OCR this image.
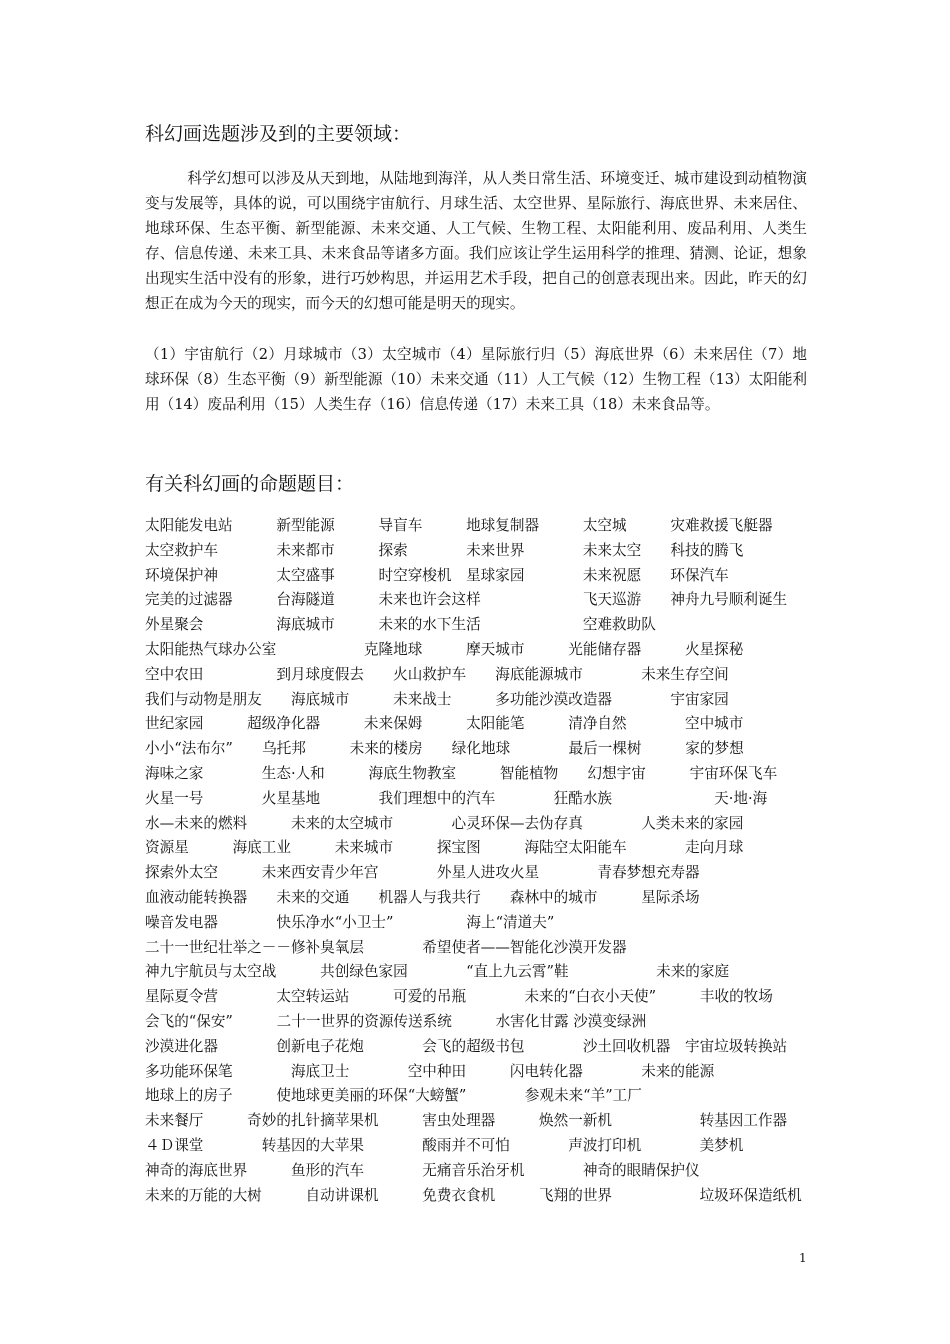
科幻画选题涉及到的主要领域：
科学幻想可以涉及从天到地，从陆地到海洋，从人类日常生活、环境变迁、城市建设到动植物演变与发展等，具体的说，可以围绕宇宙航行、月球生活、太空世界、星际旅行、海底世界、未来居住、地球环保、生态平衡、新型能源、未来交通、人工气候、生物工程、太阳能利用、废品利用、人类生存、信息传递、未来工具、未来食品等诸多方面。我们应该让学生运用科学的推理、猜测、论证，想象出现实生活中没有的形象，进行巧妙构思，并运用艺术手段，把自己的创意表现出来。因此，昨天的幻想正在成为今天的现实，而今天的幻想可能是明天的现实。
（1）宇宙航行（2）月球城市（3）太空城市（4）星际旅行归（5）海底世界（6）未来居住（7）地球环保（8）生态平衡（9）新型能源（10）未来交通（11）人工气候（12）生物工程（13）太阳能利用（14）废品利用（15）人类生存（16）信息传递（17）未来工具（18）未来食品等。
有关科幻画的命题题目：
太阳能发电站　　　新型能源　　　导盲车　　　地球复制器　　　太空城　　　灾难救援飞艇器
太空救护车　　　　未来都市　　　探索　　　　未来世界　　　　未来太空　　科技的腾飞
环境保护神　　　　太空盛事　　　时空穿梭机　星球家园　　　　未来祝愿　　环保汽车
完美的过滤器　　　台海隧道　　　未来也许会这样　　　　　　　飞天巡游　　神舟九号顺利诞生
外星聚会　　　　　海底城市　　　未来的水下生活　　　　　　　空难救助队
太阳能热气球办公室　　　　　　克隆地球　　　摩天城市　　　光能储存器　　　火星探秘
空中农田　　　　　到月球度假去　　火山救护车　　海底能源城市　　　　未来生存空间
我们与动物是朋友　　海底城市　　　未来战士　　　多功能沙漠改造器　　　　宇宙家园
世纪家园　　　超级净化器　　　未来保姆　　　太阳能笔　　　清净自然　　　　空中城市
小小“法布尔”　　乌托邦　　　未来的楼房　　绿化地球　　　　最后一棵树　　　家的梦想
海味之家　　　　生态·人和　　　海底生物教室　　　智能植物　　幻想宇宙　　　宇宙环保飞车
火星一号　　　　火星基地　　　　我们理想中的汽车　　　　狂酷水族　　　　　　　天·地·海
水—未来的燃料　　　未来的太空城市　　　　心灵环保—去伪存真　　　　人类未来的家园
资源星　　　海底工业　　　未来城市　　　探宝图　　　海陆空太阳能车　　　　走向月球
探索外太空　　　未来西安青少年宫　　　　外星人进攻火星　　　　青春梦想充寿器
血液动能转换器　　未来的交通　　机器人与我共行　　森林中的城市　　　星际杀场
噪音发电器　　　　快乐净水“小卫士”　　　　　海上“清道夫”
二十一世纪壮举之－－修补臭氧层　　　　希望使者——智能化沙漠开发器
神九宇航员与太空战　　　共创绿色家园　　　　“直上九云霄”鞋　　　　　　未来的家庭
星际夏令营　　　　太空转运站　　　可爱的吊瓶　　　　未来的“白衣小天使”　　　丰收的牧场
会飞的“保安”　　　二十一世界的资源传送系统　　　水害化甘露 沙漠变绿洲
沙漠进化器　　　　创新电子花炮　　　　会飞的超级书包　　　　沙土回收机器　宇宙垃圾转换站
多功能环保笔　　　　海底卫士　　　　空中种田　　　闪电转化器　　　　未来的能源
地球上的房子　　　使地球更美丽的环保“大螃蟹”　　　　参观未来“羊”工厂
未来餐厅　　　奇妙的扎针摘苹果机　　　害虫处理器　　　焕然一新机　　　　　　转基因工作器
４Ｄ课堂　　　　转基因的大苹果　　　　酸雨并不可怕　　　　声波打印机　　　　美梦机
神奇的海底世界　　　鱼形的汽车　　　　无痛音乐治牙机　　　　神奇的眼睛保护仪
未来的万能的大树　　　自动讲课机　　　免费衣食机　　　飞翔的世界　　　　　　垃圾环保造纸机
1
